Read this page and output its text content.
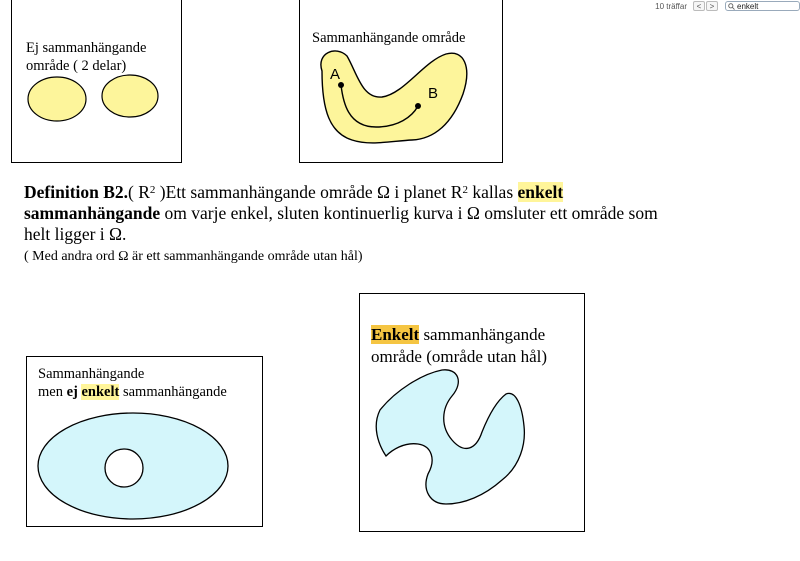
10 träffar < >	enkelt
Ej sammanhängande
område ( 2 delar)
Sammanhängande område
A
B
Definition B2.( $R^2$ )Ett sammanhängande område Ω i planet $R^2$ kallas enkelt
sammanhängande om varje enkel, sluten kontinuerlig kurva i Ω omsluter ett område som
helt ligger i Ω.
( Med andra ord Ω är ett sammanhängande område utan hål)
Sammanhängande
men ej enkelt sammanhängande
Enkelt sammanhängande
område (område utan hål)
